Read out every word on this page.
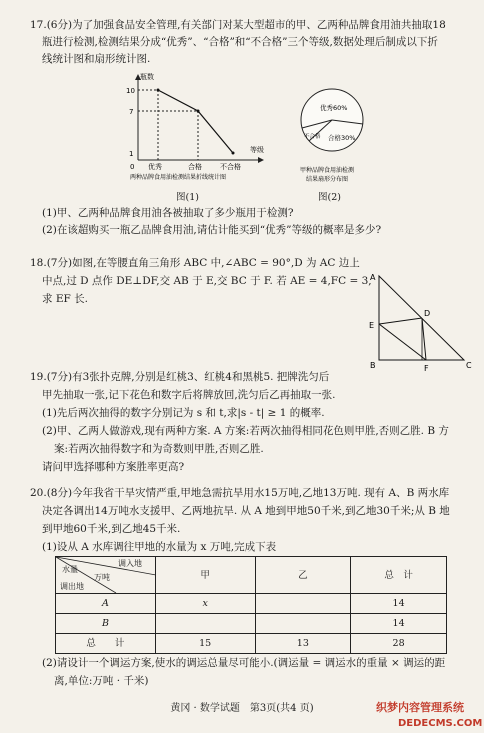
17.(6分)为了加强食品安全管理,有关部门对某大型超市的甲、乙两种品牌食用油共抽取18
瓶进行检测,检测结果分成“优秀”、“合格”和“不合格”三个等级,数据处理后制成以下折
线统计图和扇形统计图.
瓶数
等级
10
7
1
0 优秀	合格	不合格
两种品牌食用油检测结果折线统计图
图(1)
优秀60%
不合格 合格30%
甲种品牌食用油检测
结果扇形分布图
图(2)
(1)甲、乙两种品牌食用油各被抽取了多少瓶用于检测?
(2)在该超购买一瓶乙品牌食用油,请估计能买到“优秀”等级的概率是多少?
18.(7分)如图,在等腰直角三角形 ABC 中,∠ABC = 90°,D 为 AC 边上
中点,过 D 点作 DE⊥DF,交 AB 于 E,交 BC 于 F. 若 AE = 4,FC = 3,
求 EF 长.
A
B	C
D
E
F
19.(7分)有3张扑克牌,分别是红桃3、红桃4和黑桃5. 把牌洗匀后
甲先抽取一张,记下花色和数字后将牌放回,洗匀后乙再抽取一张.
(1)先后两次抽得的数字分别记为 s 和 t,求|s - t| ≥ 1 的概率.
(2)甲、乙两人做游戏,现有两种方案. A 方案:若两次抽得相同花色则甲胜,否则乙胜. B 方
案:若两次抽得数字和为奇数则甲胜,否则乙胜.
请问甲选择哪种方案胜率更高?
20.(8分)今年我省干旱灾情严重,甲地急需抗旱用水15万吨,乙地13万吨. 现有 A、B 两水库
决定各调出14万吨水支援甲、乙两地抗旱. 从 A 地到甲地50千米,到乙地30千米;从 B 地
到甲地60千米,到乙地45千米.
(1)设从 A 水库调往甲地的水量为 x 万吨,完成下表
调入地
水量
万吨
调出地	甲	乙	总　计
A	x		14
B			14
总　　计	15	13	28
(2)请设计一个调运方案,使水的调运总量尽可能小.(调运量 = 调运水的重量 × 调运的距
离,单位:万吨 · 千米)
黄冈 · 数学试题　第3页(共4 页)	织梦内容管理系统
DEDECMS.COM
